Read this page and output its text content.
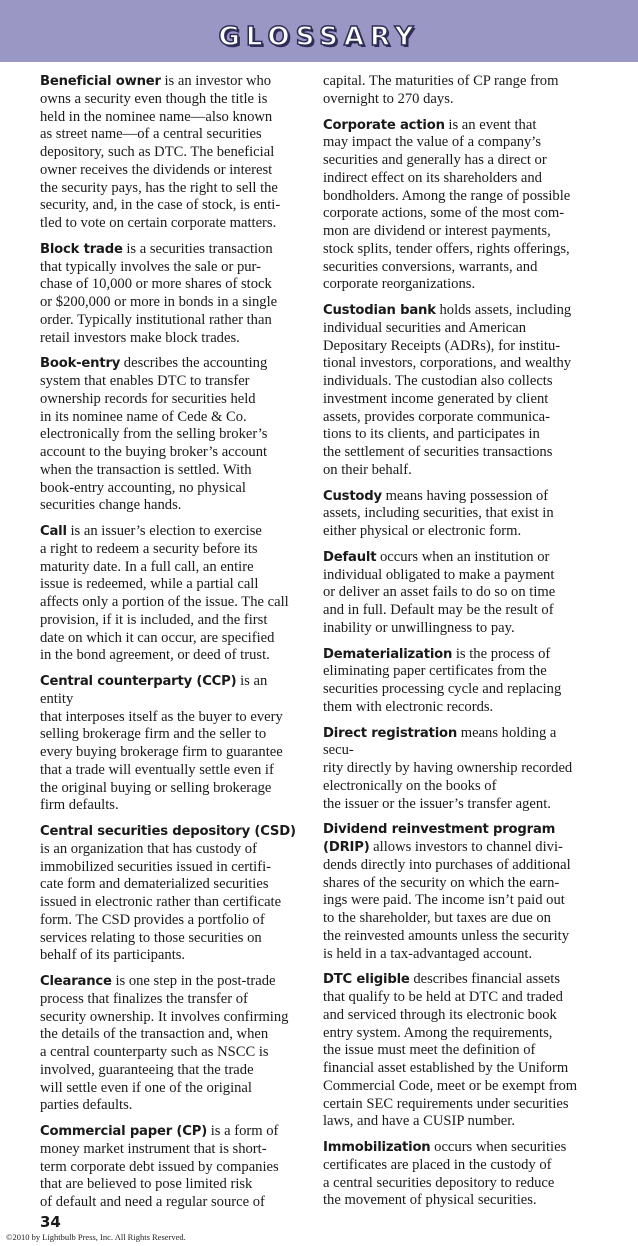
GLOSSARY

Beneficial owner is an investor who
owns a security even though the title is
held in the nominee name—also known
as street name—of a central securities
depository, such as DTC. The beneficial
owner receives the dividends or interest
the security pays, has the right to sell the
security, and, in the case of stock, is enti-
tled to vote on certain corporate matters.

Block trade is a securities transaction
that typically involves the sale or pur-
chase of 10,000 or more shares of stock
or $200,000 or more in bonds in a single
order. Typically institutional rather than
retail investors make block trades.

Book-entry describes the accounting
system that enables DTC to transfer
ownership records for securities held
in its nominee name of Cede & Co.
electronically from the selling broker’s
account to the buying broker’s account
when the transaction is settled. With
book-entry accounting, no physical
securities change hands.

Call is an issuer’s election to exercise
a right to redeem a security before its
maturity date. In a full call, an entire
issue is redeemed, while a partial call
affects only a portion of the issue. The call
provision, if it is included, and the first
date on which it can occur, are specified
in the bond agreement, or deed of trust.

Central counterparty (CCP) is an entity
that interposes itself as the buyer to every
selling brokerage firm and the seller to
every buying brokerage firm to guarantee
that a trade will eventually settle even if
the original buying or selling brokerage
firm defaults.

Central securities depository (CSD)
is an organization that has custody of
immobilized securities issued in certifi-
cate form and dematerialized securities
issued in electronic rather than certificate
form. The CSD provides a portfolio of
services relating to those securities on
behalf of its participants.

Clearance is one step in the post-trade
process that finalizes the transfer of
security ownership. It involves confirming
the details of the transaction and, when
a central counterparty such as NSCC is
involved, guaranteeing that the trade
will settle even if one of the original
parties defaults.

Commercial paper (CP) is a form of
money market instrument that is short-
term corporate debt issued by companies
that are believed to pose limited risk
of default and need a regular source of

capital. The maturities of CP range from
overnight to 270 days.

Corporate action is an event that
may impact the value of a company’s
securities and generally has a direct or
indirect effect on its shareholders and
bondholders. Among the range of possible
corporate actions, some of the most com-
mon are dividend or interest payments,
stock splits, tender offers, rights offerings,
securities conversions, warrants, and
corporate reorganizations.

Custodian bank holds assets, including
individual securities and American
Depositary Receipts (ADRs), for institu-
tional investors, corporations, and wealthy
individuals. The custodian also collects
investment income generated by client
assets, provides corporate communica-
tions to its clients, and participates in
the settlement of securities transactions
on their behalf.

Custody means having possession of
assets, including securities, that exist in
either physical or electronic form.

Default occurs when an institution or
individual obligated to make a payment
or deliver an asset fails to do so on time
and in full. Default may be the result of
inability or unwillingness to pay.

Dematerialization is the process of
eliminating paper certificates from the
securities processing cycle and replacing
them with electronic records.

Direct registration means holding a secu-
rity directly by having ownership recorded
electronically on the books of
the issuer or the issuer’s transfer agent.

Dividend reinvestment program
(DRIP) allows investors to channel divi-
dends directly into purchases of additional
shares of the security on which the earn-
ings were paid. The income isn’t paid out
to the shareholder, but taxes are due on
the reinvested amounts unless the security
is held in a tax-advantaged account.

DTC eligible describes financial assets
that qualify to be held at DTC and traded
and serviced through its electronic book
entry system. Among the requirements,
the issue must meet the definition of
financial asset established by the Uniform
Commercial Code, meet or be exempt from
certain SEC requirements under securities
laws, and have a CUSIP number.

Immobilization occurs when securities
certificates are placed in the custody of
a central securities depository to reduce
the movement of physical securities.

34
©2010 by Lightbulb Press, Inc. All Rights Reserved.
